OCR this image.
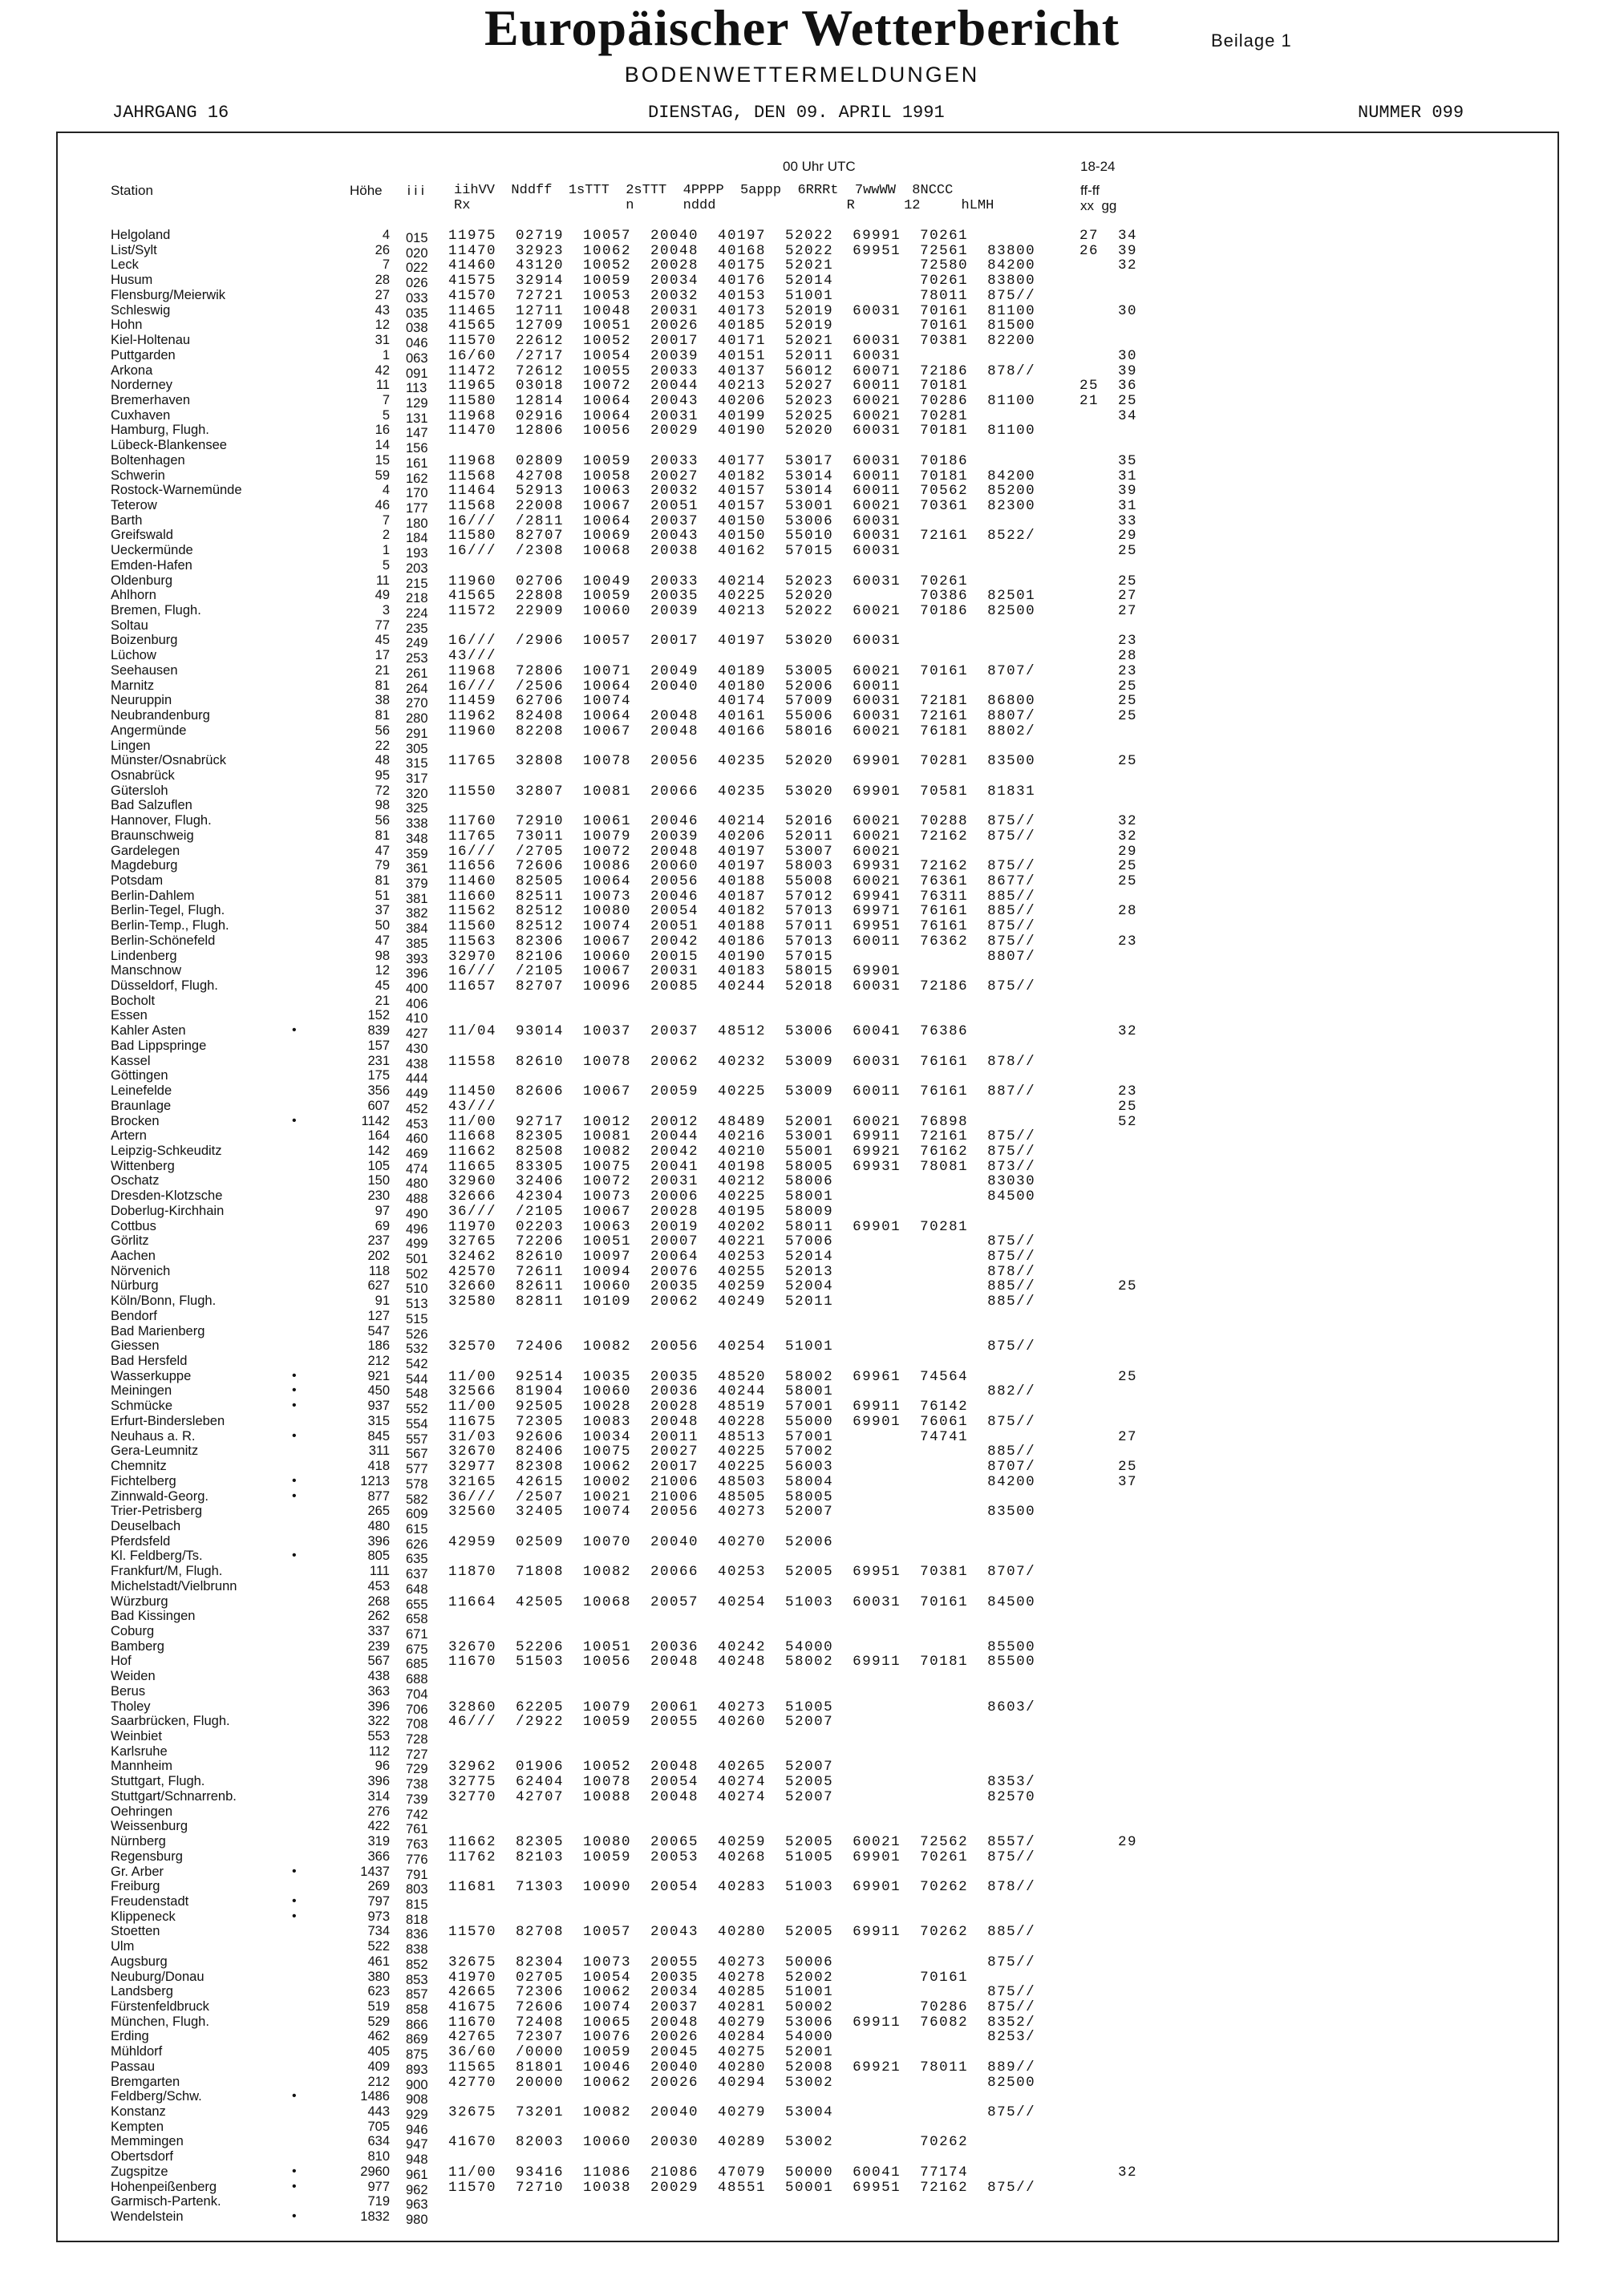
Europäischer Wetterbericht	Beilage 1
BODENWETTERMELDUNGEN
JAHRGANG 16	DIENSTAG, DEN 09. APRIL 1991	NUMMER 099
00 Uhr UTC	18-24
Station	Höhe i i i iihVV  Nddff  1sTTT  2sTTT  4PPPP  5appp  6RRRt  7wwWW  8NCCC
Rx                   n      nddd                R      12     hLMH
ff-ff
xx  gg
Helgoland	4 015 11975  02719  10057  20040  40197  52022  69991  70261	27  34
List/Sylt	26 020 11470  32923  10062  20048  40168  52022  69951  72561  83800	26  39
Leck	7 022 41460  43120  10052  20028  40175  52021         72580  84200	32
Husum	28 026 41575  32914  10059  20034  40176  52014         70261  83800
Flensburg/Meierwik	27 033 41570  72721  10053  20032  40153  51001         78011  875//
Schleswig	43 035 11465  12711  10048  20031  40173  52019  60031  70161  81100	30
Hohn	12 038 41565  12709  10051  20026  40185  52019         70161  81500
Kiel-Holtenau	31 046 11570  22612  10052  20017  40171  52021  60031  70381  82200
Puttgarden	1 063 16/60  /2717  10054  20039  40151  52011  60031	30
Arkona	42 091 11472  72612  10055  20033  40137  56012  60071  72186  878//	39
Norderney	11 113 11965  03018  10072  20044  40213  52027  60011  70181	25  36
Bremerhaven	7 129 11580  12814  10064  20043  40206  52023  60021  70286  81100	21  25
Cuxhaven	5 131 11968  02916  10064  20031  40199  52025  60021  70281	34
Hamburg, Flugh.	16 147 11470  12806  10056  20029  40190  52020  60031  70181  81100
Lübeck-Blankensee	14 156
Boltenhagen	15 161 11968  02809  10059  20033  40177  53017  60031  70186	35
Schwerin	59 162 11568  42708  10058  20027  40182  53014  60011  70181  84200	31
Rostock-Warnemünde	4 170 11464  52913  10063  20032  40157  53014  60011  70562  85200	39
Teterow	46 177 11568  22008  10067  20051  40157  53001  60021  70361  82300	31
Barth	7 180 16///  /2811  10064  20037  40150  53006  60031	33
Greifswald	2 184 11580  82707  10069  20043  40150  55010  60031  72161  8522/	29
Ueckermünde	1 193 16///  /2308  10068  20038  40162  57015  60031	25
Emden-Hafen	5 203
Oldenburg	11 215 11960  02706  10049  20033  40214  52023  60031  70261	25
Ahlhorn	49 218 41565  22808  10059  20035  40225  52020         70386  82501	27
Bremen, Flugh.	3 224 11572  22909  10060  20039  40213  52022  60021  70186  82500	27
Soltau	77 235
Boizenburg	45 249 16///  /2906  10057  20017  40197  53020  60031	23
Lüchow	17 253 43///	28
Seehausen	21 261 11968  72806  10071  20049  40189  53005  60021  70161  8707/	23
Marnitz	81 264 16///  /2506  10064  20040  40180  52006  60011	25
Neuruppin	38 270 11459  62706  10074         40174  57009  60031  72181  86800	25
Neubrandenburg	81 280 11962  82408  10064  20048  40161  55006  60031  72161  8807/	25
Angermünde	56 291 11960  82208  10067  20048  40166  58016  60021  76181  8802/
Lingen	22 305
Münster/Osnabrück	48 315 11765  32808  10078  20056  40235  52020  69901  70281  83500	25
Osnabrück	95 317
Gütersloh	72 320 11550  32807  10081  20066  40235  53020  69901  70581  81831
Bad Salzuflen	98 325
Hannover, Flugh.	56 338 11760  72910  10061  20046  40214  52016  60021  70288  875//	32
Braunschweig	81 348 11765  73011  10079  20039  40206  52011  60021  72162  875//	32
Gardelegen	47 359 16///  /2705  10072  20048  40197  53007  60021	29
Magdeburg	79 361 11656  72606  10086  20060  40197  58003  69931  72162  875//	25
Potsdam	81 379 11460  82505  10064  20056  40188  55008  60021  76361  8677/	25
Berlin-Dahlem	51 381 11660  82511  10073  20046  40187  57012  69941  76311  885//
Berlin-Tegel, Flugh.	37 382 11562  82512  10080  20054  40182  57013  69971  76161  885//	28
Berlin-Temp., Flugh.	50 384 11560  82512  10074  20051  40188  57011  69951  76161  875//
Berlin-Schönefeld	47 385 11563  82306  10067  20042  40186  57013  60011  76362  875//	23
Lindenberg	98 393 32970  82106  10060  20015  40190  57015                8807/
Manschnow	12 396 16///  /2105  10067  20031  40183  58015  69901
Düsseldorf, Flugh.	45 400 11657  82707  10096  20085  40244  52018  60031  72186  875//
Bocholt	21 406
Essen	152 410
Kahler Asten	•	839 427 11/04  93014  10037  20037  48512  53006  60041  76386	32
Bad Lippspringe	157 430
Kassel	231 438 11558  82610  10078  20062  40232  53009  60031  76161  878//
Göttingen	175 444
Leinefelde	356 449 11450  82606  10067  20059  40225  53009  60011  76161  887//	23
Braunlage	607 452 43///	25
Brocken	•	1142 453 11/00  92717  10012  20012  48489  52001  60021  76898	52
Artern	164 460 11668  82305  10081  20044  40216  53001  69911  72161  875//
Leipzig-Schkeuditz	142 469 11662  82508  10082  20042  40210  55001  69921  76162  875//
Wittenberg	105 474 11665  83305  10075  20041  40198  58005  69931  78081  873//
Oschatz	150 480 32960  32406  10072  20031  40212  58006                83030
Dresden-Klotzsche	230 488 32666  42304  10073  20006  40225  58001                84500
Doberlug-Kirchhain	97 490 36///  /2105  10067  20028  40195  58009
Cottbus	69 496 11970  02203  10063  20019  40202  58011  69901  70281
Görlitz	237 499 32765  72206  10051  20007  40221  57006                875//
Aachen	202 501 32462  82610  10097  20064  40253  52014                875//
Nörvenich	118 502 42570  72611  10094  20076  40255  52013                878//
Nürburg	627 510 32660  82611  10060  20035  40259  52004                885//	25
Köln/Bonn, Flugh.	91 513 32580  82811  10109  20062  40249  52011                885//
Bendorf	127 515
Bad Marienberg	547 526
Giessen	186 532 32570  72406  10082  20056  40254  51001                875//
Bad Hersfeld	212 542
Wasserkuppe	•	921 544 11/00  92514  10035  20035  48520  58002  69961  74564	25
Meiningen	•	450 548 32566  81904  10060  20036  40244  58001                882//
Schmücke	•	937 552 11/00  92505  10028  20028  48519  57001  69911  76142
Erfurt-Bindersleben	315 554 11675  72305  10083  20048  40228  55000  69901  76061  875//
Neuhaus a. R.	•	845 557 31/03  92606  10034  20011  48513  57001         74741	27
Gera-Leumnitz	311 567 32670  82406  10075  20027  40225  57002                885//
Chemnitz	418 577 32977  82308  10062  20017  40225  56003                8707/	25
Fichtelberg	•	1213 578 32165  42615  10002  21006  48503  58004                84200	37
Zinnwald-Georg.	•	877 582 36///  /2507  10021  21006  48505  58005
Trier-Petrisberg	265 609 32560  32405  10074  20056  40273  52007                83500
Deuselbach	480 615
Pferdsfeld	396 626 42959  02509  10070  20040  40270  52006
Kl. Feldberg/Ts.	•	805 635
Frankfurt/M, Flugh.	111 637 11870  71808  10082  20066  40253  52005  69951  70381  8707/
Michelstadt/Vielbrunn	453 648
Würzburg	268 655 11664  42505  10068  20057  40254  51003  60031  70161  84500
Bad Kissingen	262 658
Coburg	337 671
Bamberg	239 675 32670  52206  10051  20036  40242  54000                85500
Hof	567 685 11670  51503  10056  20048  40248  58002  69911  70181  85500
Weiden	438 688
Berus	363 704
Tholey	396 706 32860  62205  10079  20061  40273  51005                8603/
Saarbrücken, Flugh.	322 708 46///  /2922  10059  20055  40260  52007
Weinbiet	553 728
Karlsruhe	112 727
Mannheim	96 729 32962  01906  10052  20048  40265  52007
Stuttgart, Flugh.	396 738 32775  62404  10078  20054  40274  52005                8353/
Stuttgart/Schnarrenb.	314 739 32770  42707  10088  20048  40274  52007                82570
Oehringen	276 742
Weissenburg	422 761
Nürnberg	319 763 11662  82305  10080  20065  40259  52005  60021  72562  8557/	29
Regensburg	366 776 11762  82103  10059  20053  40268  51005  69901  70261  875//
Gr. Arber	•	1437 791
Freiburg	269 803 11681  71303  10090  20054  40283  51003  69901  70262  878//
Freudenstadt	•	797 815
Klippeneck	•	973 818
Stoetten	734 836 11570  82708  10057  20043  40280  52005  69911  70262  885//
Ulm	522 838
Augsburg	461 852 32675  82304  10073  20055  40273  50006                875//
Neuburg/Donau	380 853 41970  02705  10054  20035  40278  52002         70161
Landsberg	623 857 42665  72306  10062  20034  40285  51001                875//
Fürstenfeldbruck	519 858 41675  72606  10074  20037  40281  50002         70286  875//
München, Flugh.	529 866 11670  72408  10065  20048  40279  53006  69911  76082  8352/
Erding	462 869 42765  72307  10076  20026  40284  54000                8253/
Mühldorf	405 875 36/60  /0000  10059  20045  40275  52001
Passau	409 893 11565  81801  10046  20040  40280  52008  69921  78011  889//
Bremgarten	212 900 42770  20000  10062  20026  40294  53002                82500
Feldberg/Schw.	•	1486 908
Konstanz	443 929 32675  73201  10082  20040  40279  53004                875//
Kempten	705 946
Memmingen	634 947 41670  82003  10060  20030  40289  53002         70262
Obertsdorf	810 948
Zugspitze	•	2960 961 11/00  93416  11086  21086  47079  50000  60041  77174	32
Hohenpeißenberg	•	977 962 11570  72710  10038  20029  48551  50001  69951  72162  875//
Garmisch-Partenk.	719 963
Wendelstein	•	1832 980
